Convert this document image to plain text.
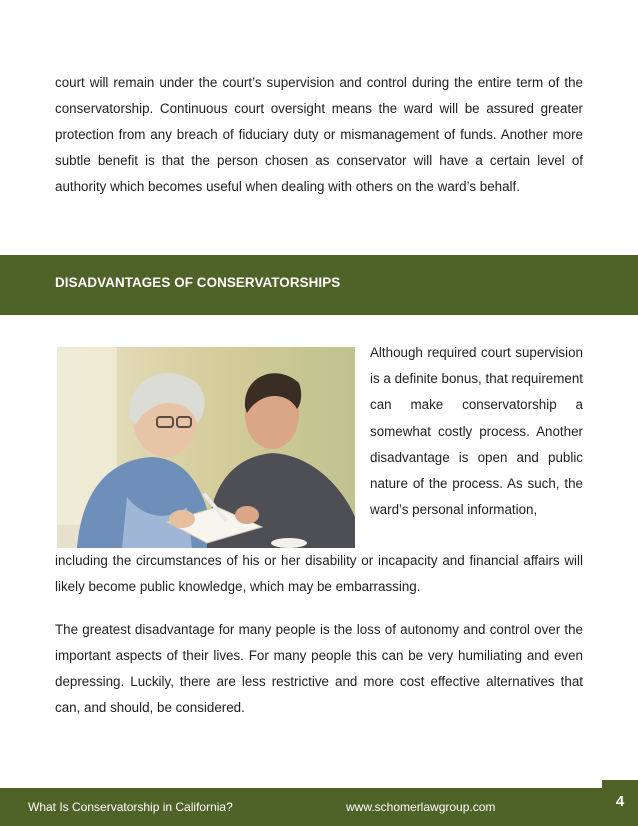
court will remain under the court’s supervision and control during the entire term of the conservatorship. Continuous court oversight means the ward will be assured greater protection from any breach of fiduciary duty or mismanagement of funds. Another more subtle benefit is that the person chosen as conservator will have a certain level of authority which becomes useful when dealing with others on the ward’s behalf.

DISADVANTAGES OF CONSERVATORSHIPS

Although required court supervision is a definite bonus, that requirement can make conservatorship a somewhat costly process. Another disadvantage is open and public nature of the process. As such, the ward’s personal information,

including the circumstances of his or her disability or incapacity and financial affairs will likely become public knowledge, which may be embarrassing.

The greatest disadvantage for many people is the loss of autonomy and control over the important aspects of their lives. For many people this can be very humiliating and even depressing. Luckily, there are less restrictive and more cost effective alternatives that can, and should, be considered.

What Is Conservatorship in California?	www.schomerlawgroup.com	4
